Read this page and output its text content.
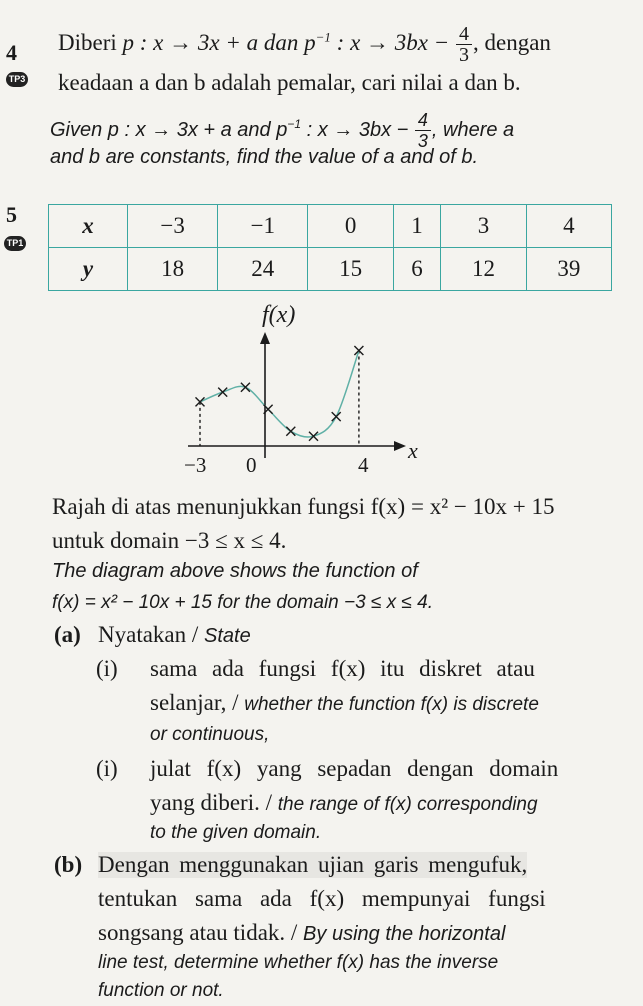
4
TP3
Diberi p : x → 3x + a dan $p^{-1}$ : $x \to 3bx - \frac{4}{3}$ , dengan
keadaan a dan b adalah pemalar, cari nilai a dan b.
Given p : x → 3x + a and $p^{-1}$ : $x \to 3bx - \frac{4}{3}$ , where a
and b are constants, find the value of a and of b.
5
TP1
x	−3	−1	0	1	3	4
y	18	24	15	6	12	39
f(x)
x
−3 0	4
Rajah di atas menunjukkan fungsi f(x) = x² − 10x + 15
untuk domain −3 ≤ x ≤ 4.
The diagram above shows the function of
f(x) = x² − 10x + 15 for the domain −3 ≤ x ≤ 4.
(a) Nyatakan / State
(i) sama ada fungsi f(x) itu diskret atau
selanjar, / whether the function f(x) is discrete
or continuous,
(i) julat f(x) yang sepadan dengan domain
yang diberi. / the range of f(x) corresponding
to the given domain.
(b) Dengan menggunakan ujian garis mengufuk,
tentukan sama ada f(x) mempunyai fungsi
songsang atau tidak. / By using the horizontal
line test, determine whether f(x) has the inverse
function or not.
